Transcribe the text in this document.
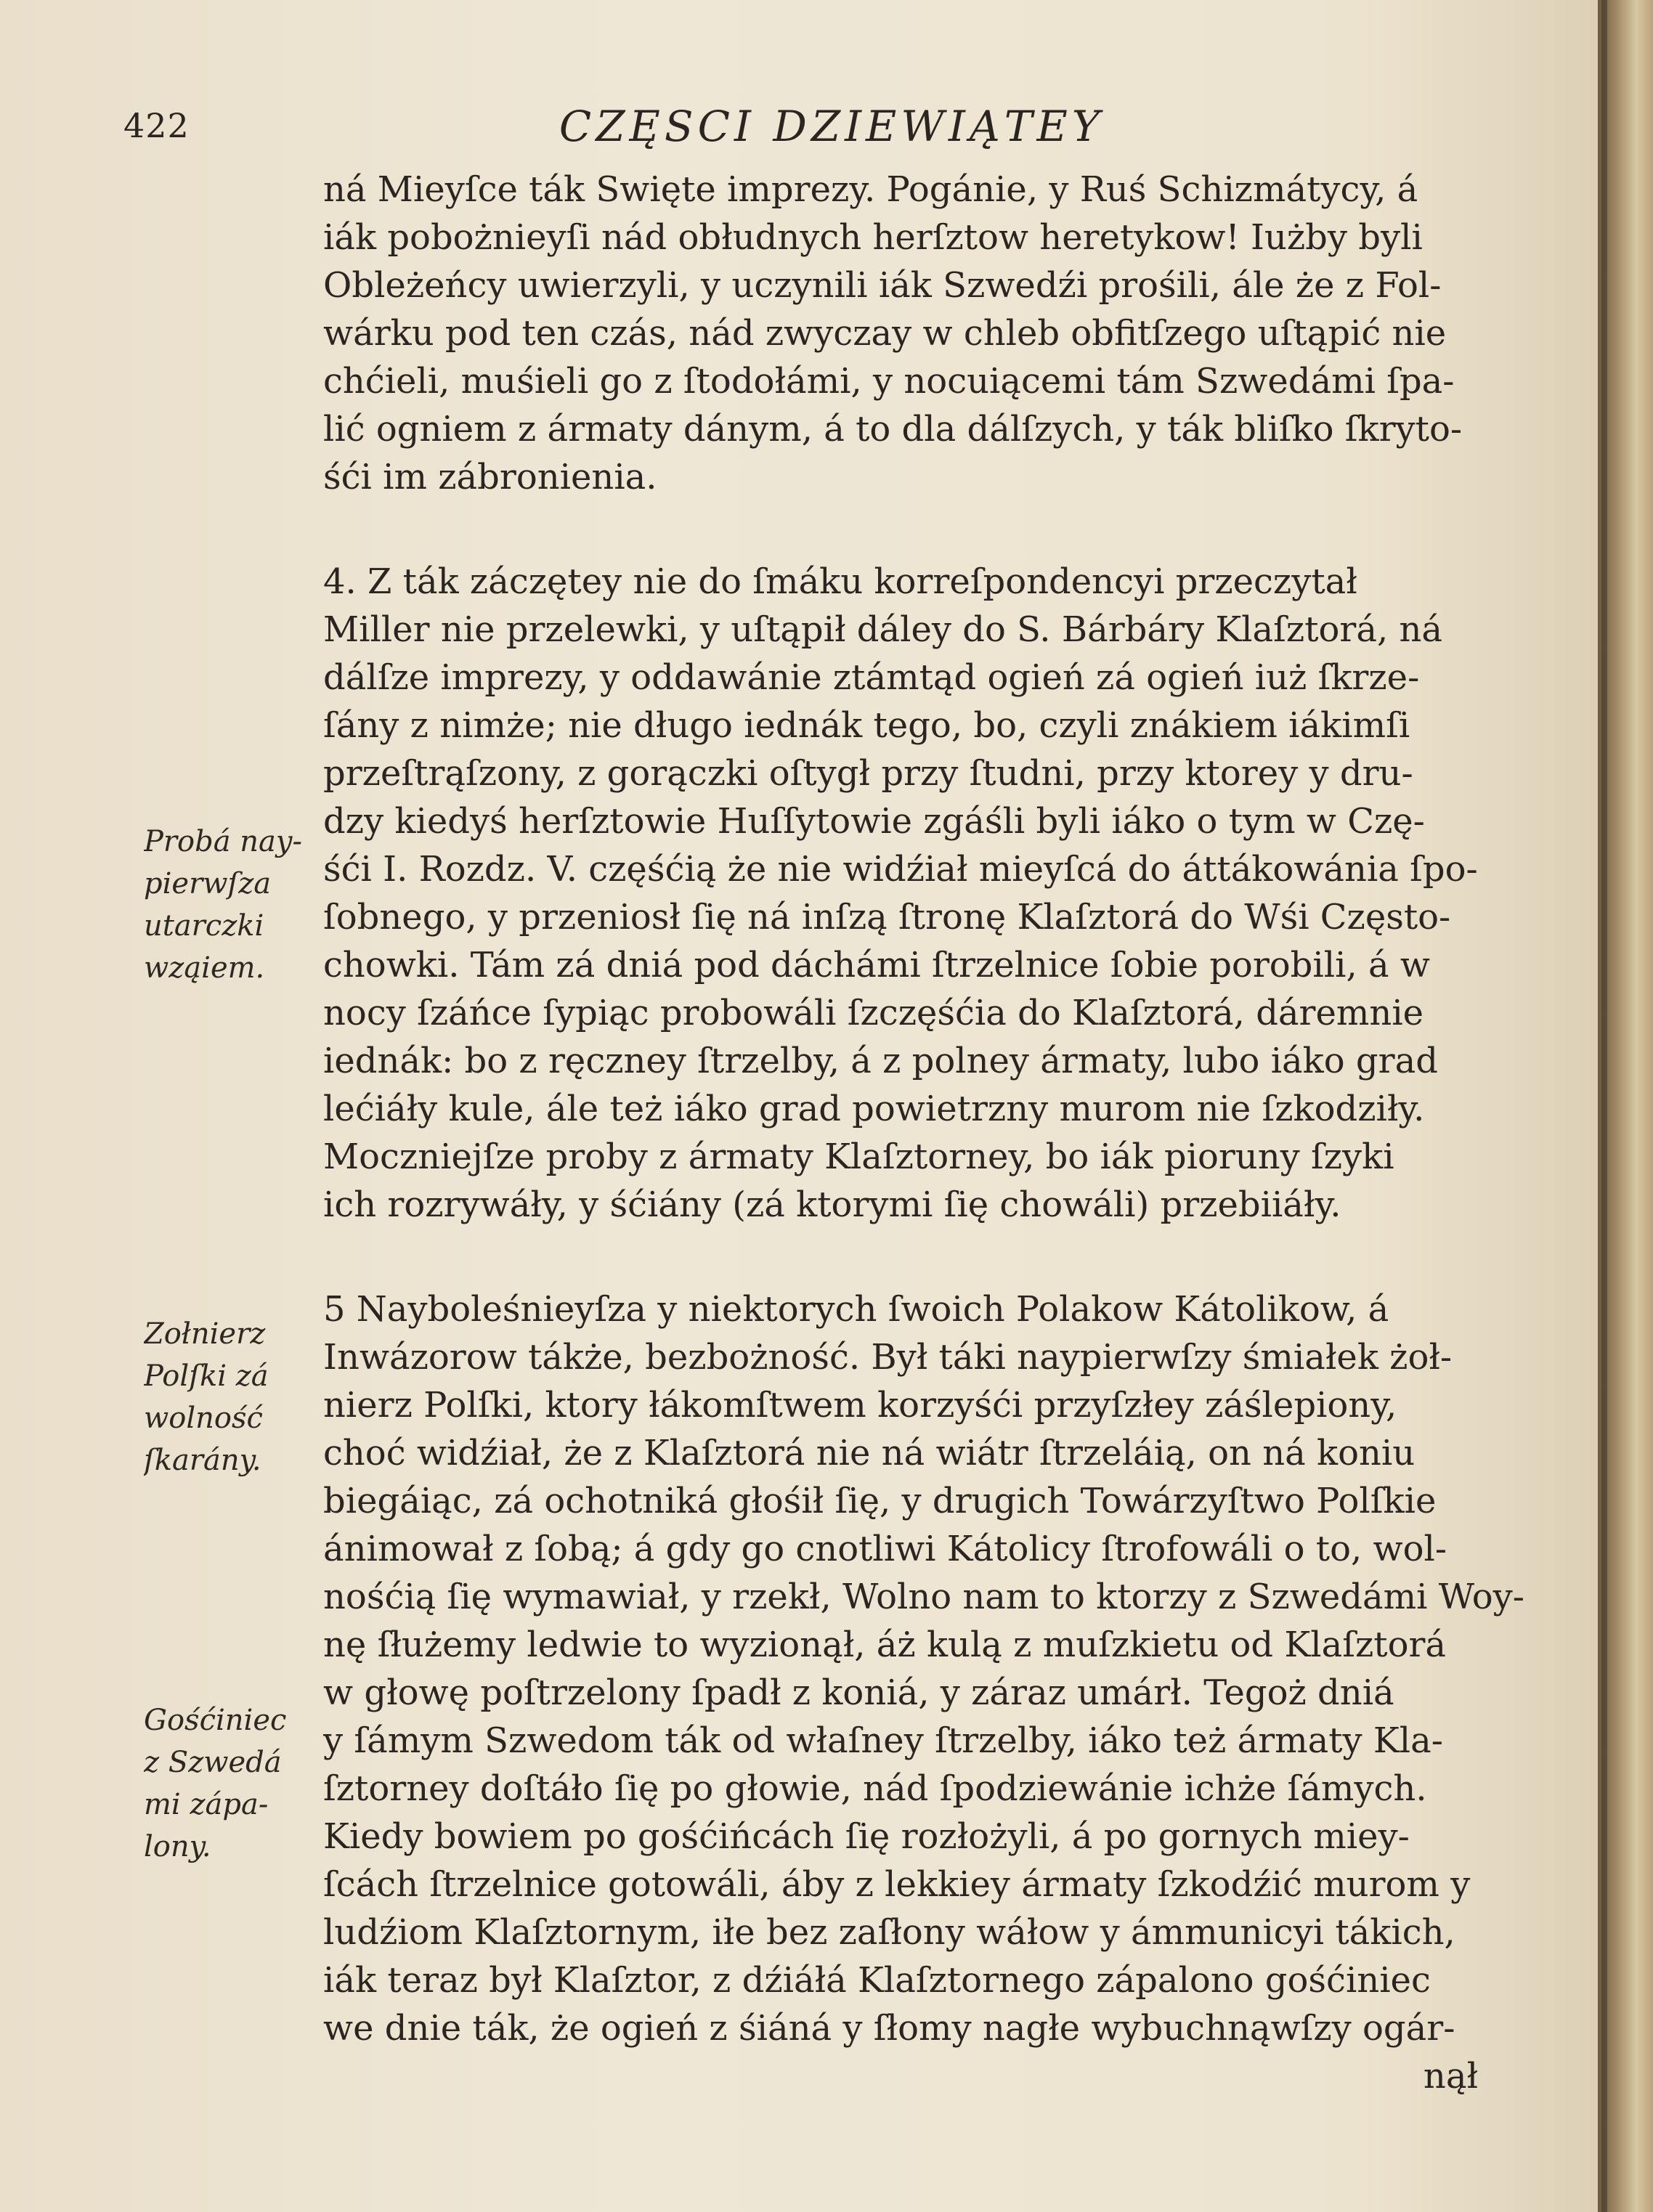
422	CZĘSCI DZIEWIĄTEY
ná Mieyſce ták Swięte imprezy. Pogánie, y Ruś Schizmátycy, á
iák pobożnieyſi nád obłudnych herſztow heretykow! Iużby byli
Obleżeńcy uwierzyli, y uczynili iák Szwedźi prośili, ále że z Fol-
wárku pod ten czás, nád zwyczay w chleb obfitſzego uſtąpić nie
chćieli, muśieli go z ſtodołámi, y nocuiącemi tám Szwedámi ſpa-
lić ogniem z ármaty dánym, á to dla dálſzych, y ták bliſko ſkryto-
śći im zábronienia.
4. Z ták záczętey nie do ſmáku korreſpondencyi przeczytał
Miller nie przelewki, y uſtąpił dáley do S. Bárbáry Klaſztorá, ná
dálſze imprezy, y oddawánie ztámtąd ogień zá ogień iuż ſkrze-
ſány z nimże; nie długo iednák tego, bo, czyli znákiem iákimſi
przeſtrąſzony, z gorączki oſtygł przy ſtudni, przy ktorey y dru-
dzy kiedyś herſztowie Huſſytowie zgáśli byli iáko o tym w Czę-
śći I. Rozdz. V. częśćią że nie widźiał mieyſcá do áttákowánia ſpo-
ſobnego, y przeniosł ſię ná inſzą ſtronę Klaſztorá do Wśi Często-
chowki. Tám zá dniá pod dáchámi ſtrzelnice ſobie porobili, á w
nocy ſzáńce ſypiąc probowáli ſzczęśćia do Klaſztorá, dáremnie
iednák: bo z ręczney ſtrzelby, á z polney ármaty, lubo iáko grad
lećiáły kule, ále też iáko grad powietrzny murom nie ſzkodziły.
Moczniejſze proby z ármaty Klaſztorney, bo iák pioruny ſzyki
ich rozrywáły, y śćiány (zá ktorymi ſię chowáli) przebiiáły.
5 Nayboleśnieyſza y niektorych ſwoich Polakow Kátolikow, á
Inwázorow tákże, bezbożność. Był táki naypierwſzy śmiałek żoł-
nierz Polſki, ktory łákomſtwem korzyśći przyſzłey záślepiony,
choć widźiał, że z Klaſztorá nie ná wiátr ſtrzeláią, on ná koniu
biegáiąc, zá ochotniká głośił ſię, y drugich Towárzyſtwo Polſkie
ánimował z ſobą; á gdy go cnotliwi Kátolicy ſtrofowáli o to, wol-
nośćią ſię wymawiał, y rzekł, Wolno nam to ktorzy z Szwedámi Woy-
nę ſłużemy ledwie to wyzionął, áż kulą z muſzkietu od Klaſztorá
w głowę poſtrzelony ſpadł z koniá, y záraz umárł. Tegoż dniá
y ſámym Szwedom ták od właſney ſtrzelby, iáko też ármaty Kla-
ſztorney doſtáło ſię po głowie, nád ſpodziewánie ichże ſámych.
Kiedy bowiem po gośćińcách ſię rozłożyli, á po gornych miey-
ſcách ſtrzelnice gotowáli, áby z lekkiey ármaty ſzkodźić murom y
ludźiom Klaſztornym, iłe bez zaſłony wáłow y ámmunicyi tákich,
iák teraz był Klaſztor, z dźiáłá Klaſztornego zápalono gośćiniec
we dnie ták, że ogień z śiáná y ſłomy nagłe wybuchnąwſzy ogár-
nął
Probá nay-
pierwſza
utarczki
wząiem.
Zołnierz
Polſki zá
wolność
ſkarány.
Gośćiniec
z Szwedá
mi zápa-
lony.
